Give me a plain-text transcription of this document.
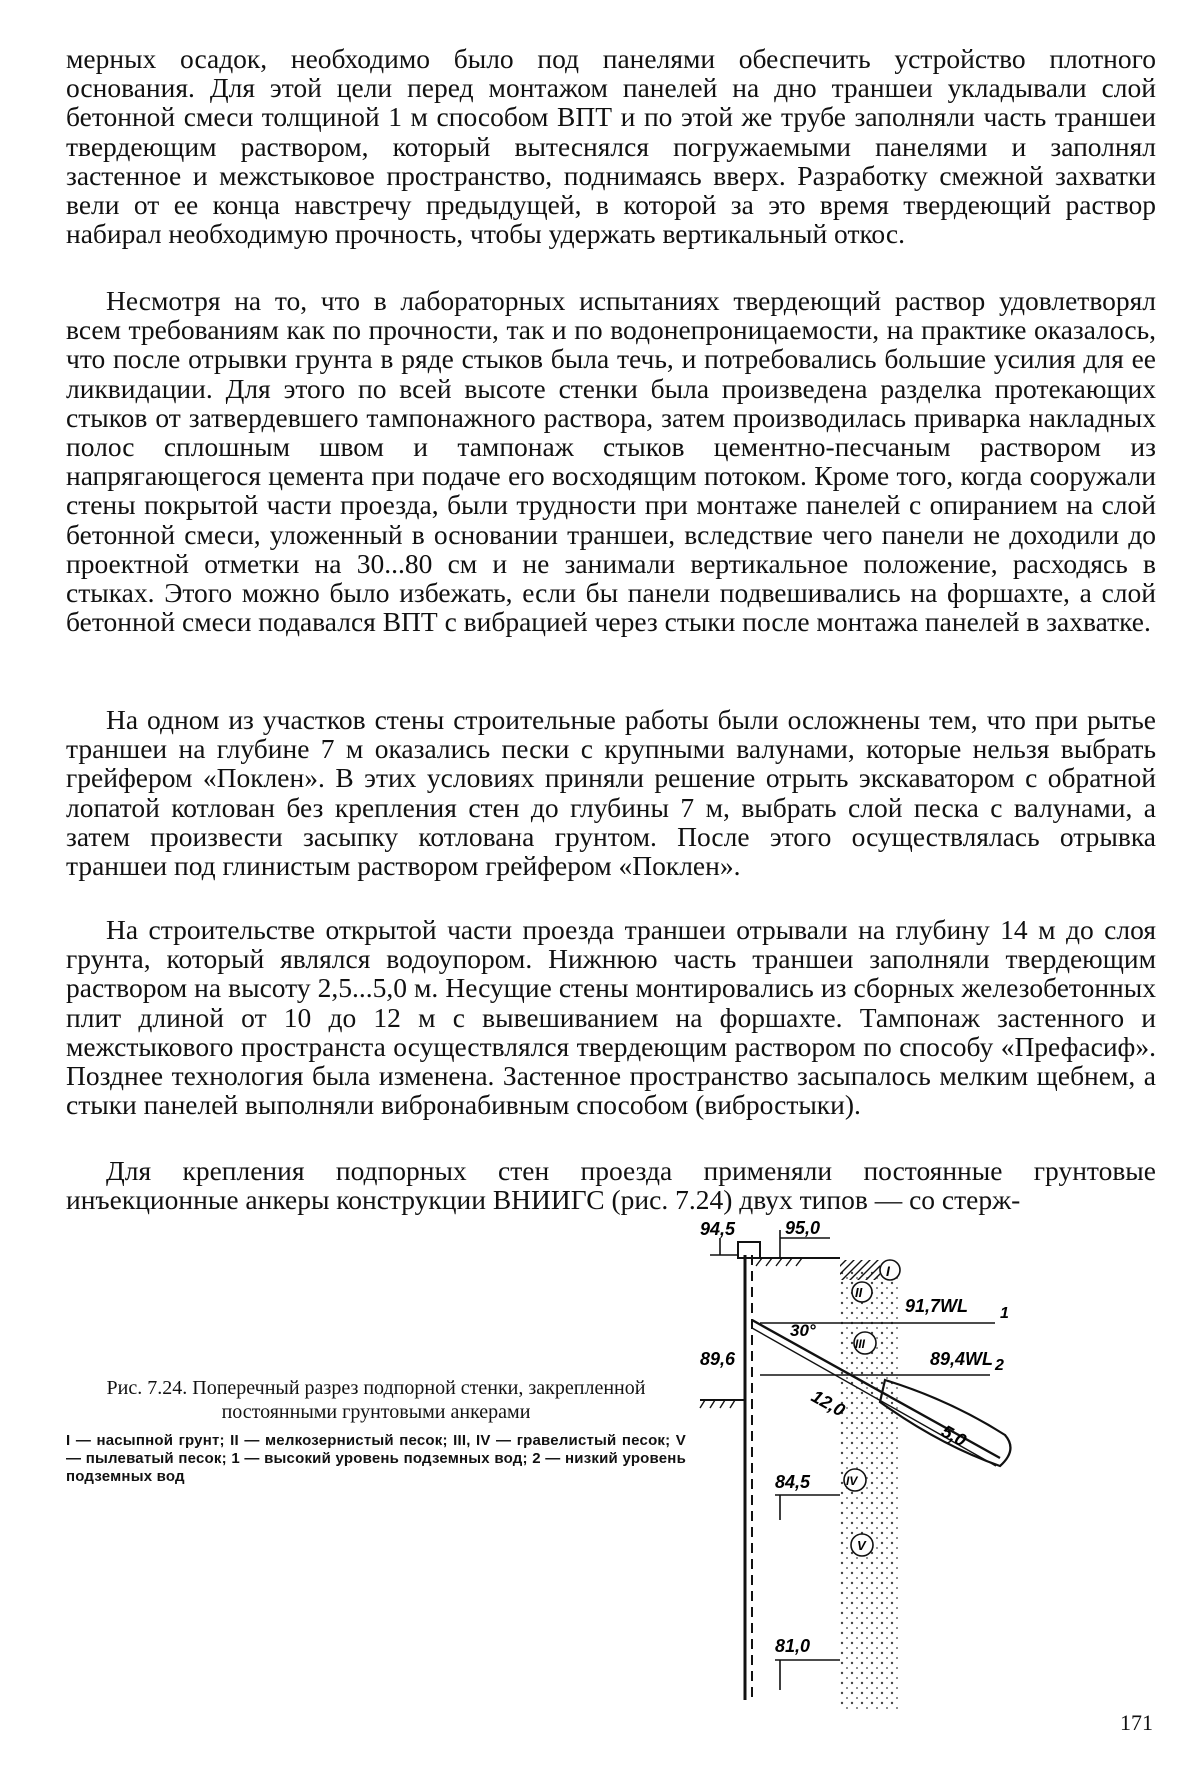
мерных осадок, необходимо было под панелями обеспечить устройство плотного основания. Для этой цели перед монтажом панелей на дно траншеи укладывали слой бетонной смеси толщиной 1 м способом ВПТ и по этой же трубе заполняли часть траншеи твердеющим раствором, который вытеснялся погружаемыми панелями и заполнял застенное и межстыковое пространство, поднимаясь вверх. Разработку смежной захватки вели от ее конца навстречу предыдущей, в которой за это время твердеющий раствор набирал необходимую прочность, чтобы удержать вертикальный откос.

Несмотря на то, что в лабораторных испытаниях твердеющий раствор удовлетворял всем требованиям как по прочности, так и по водонепроницаемости, на практике оказалось, что после отрывки грунта в ряде стыков была течь, и потребовались большие усилия для ее ликвидации. Для этого по всей высоте стенки была произведена разделка протекающих стыков от затвердевшего тампонажного раствора, затем производилась приварка накладных полос сплошным швом и тампонаж стыков цементно-песчаным раствором из напрягающегося цемента при подаче его восходящим потоком. Кроме того, когда сооружали стены покрытой части проезда, были трудности при монтаже панелей с опиранием на слой бетонной смеси, уложенный в основании траншеи, вследствие чего панели не доходили до проектной отметки на 30...80 см и не занимали вертикальное положение, расходясь в стыках. Этого можно было избежать, если бы панели подвешивались на форшахте, а слой бетонной смеси подавался ВПТ с вибрацией через стыки после монтажа панелей в захватке.

На одном из участков стены строительные работы были осложнены тем, что при рытье траншеи на глубине 7 м оказались пески с крупными валунами, которые нельзя выбрать грейфером «Поклен». В этих условиях приняли решение отрыть экскаватором с обратной лопатой котлован без крепления стен до глубины 7 м, выбрать слой песка с валунами, а затем произвести засыпку котлована грунтом. После этого осуществлялась отрывка траншеи под глинистым раствором грейфером «Поклен».

На строительстве открытой части проезда траншеи отрывали на глубину 14 м до слоя грунта, который являлся водоупором. Нижнюю часть траншеи заполняли твердеющим раствором на высоту 2,5...5,0 м. Несущие стены монтировались из сборных железобетонных плит длиной от 10 до 12 м с вывешиванием на форшахте. Тампонаж застенного и межстыкового пространста осуществлялся твердеющим раствором по способу «Префасиф». Позднее технология была изменена. Застенное пространство засыпалось мелким щебнем, а стыки панелей выполняли вибронабивным способом (вибростыки).

Для крепления подпорных стен проезда применяли постоянные грунтовые инъекционные анкеры конструкции ВНИИГС (рис. 7.24) двух типов — со стерж-

Рис. 7.24. Поперечный разрез подпорной стенки, закрепленной постоянными грунтовыми анкерами

I — насыпной грунт; II — мелкозернистый песок; III, IV — гравелистый песок; V — пылеватый песок; 1 — высокий уровень подземных вод; 2 — низкий уровень подземных вод

94,5	95,0
91,7WL
89,6	89,4WL
84,5
81,0
30°
12,0
5,0
I
II
III
IV
V
1
2
171
